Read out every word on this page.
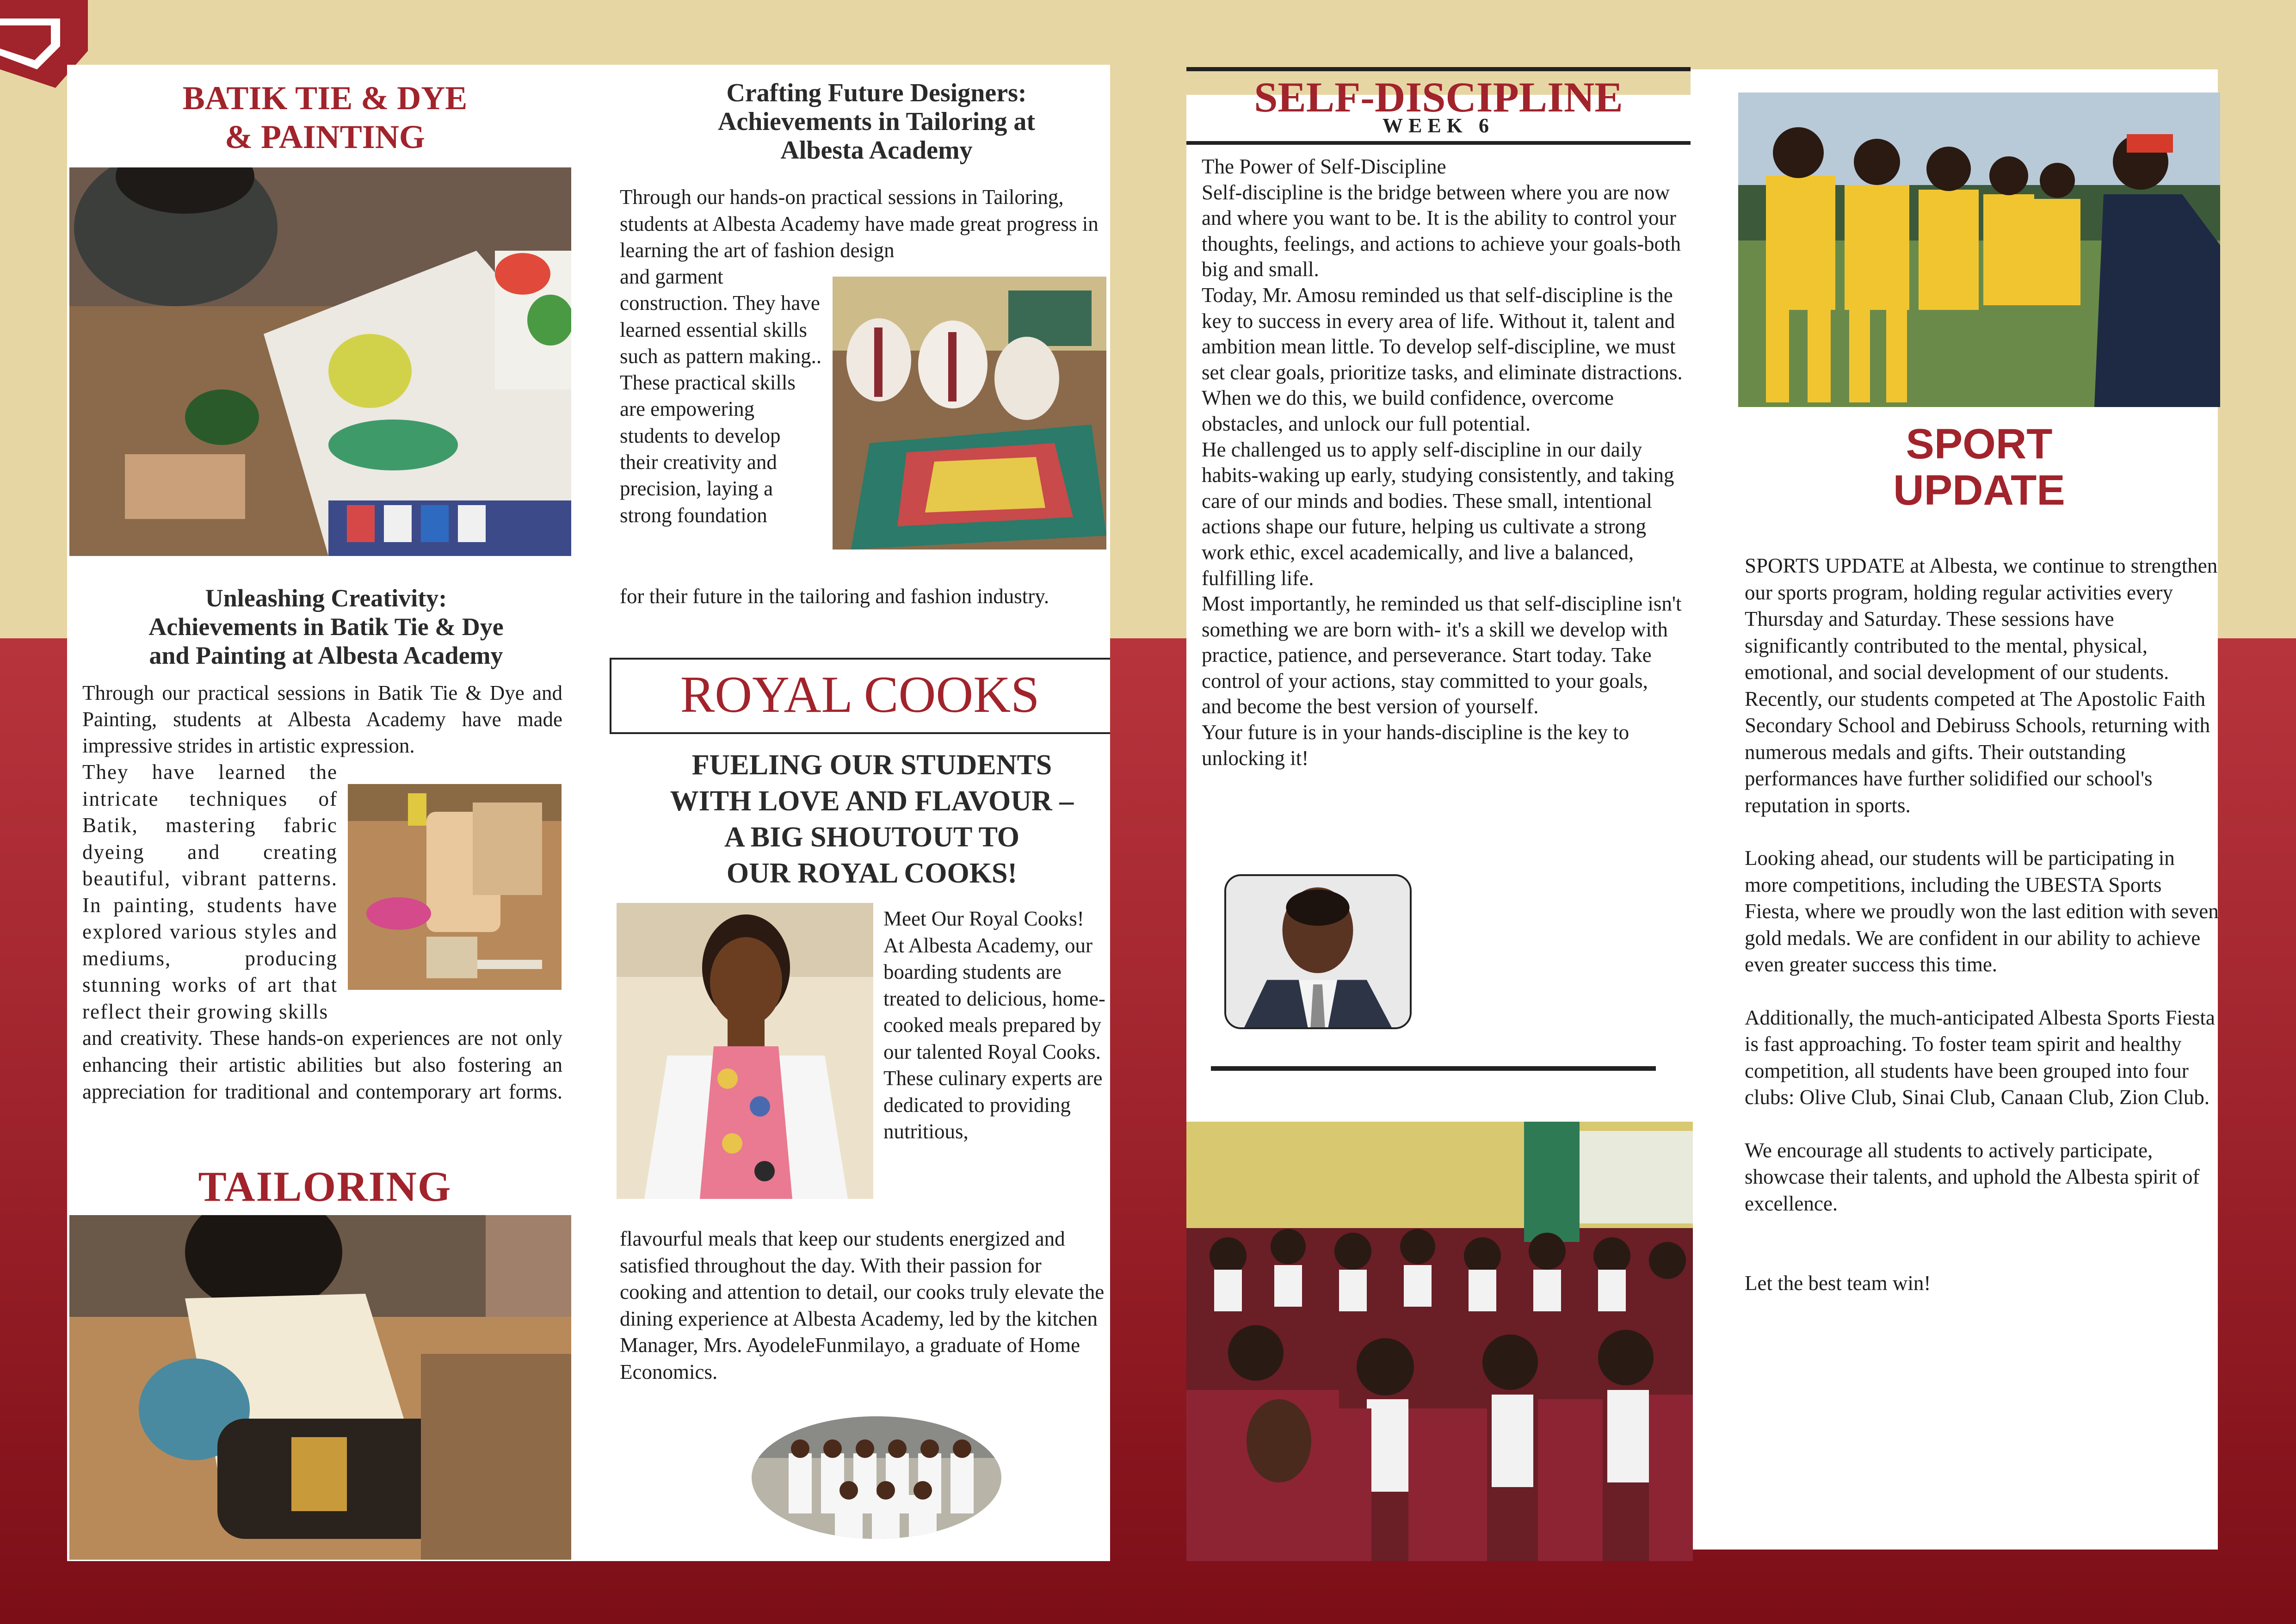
BATIK TIE & DYE
& PAINTING
Unleashing Creativity:
Achievements in Batik Tie & Dye
and Painting at Albesta Academy
Through our practical sessions in Batik Tie & Dye and Painting, students at Albesta Academy have made impressive strides in artistic expression.
They have learned the intricate techniques of Batik, mastering fabric dyeing and creating beautiful, vibrant patterns. In painting, students have explored various styles and mediums, producing stunning works of art that reflect their growing skills
and creativity. These hands-on experiences are not only enhancing their artistic abilities but also fostering an appreciation for traditional and contemporary art forms.
TAILORING
Crafting Future Designers:
Achievements in Tailoring at
Albesta Academy
Through our hands-on practical sessions in Tailoring, students at Albesta Academy have made great progress in learning the art of fashion design
and garment construction. They have learned essential skills such as pattern making.. These practical skills are empowering students to develop their creativity and precision, laying a strong foundation
for their future in the tailoring and fashion industry.
ROYAL COOKS
FUELING OUR STUDENTS
WITH LOVE AND FLAVOUR –
A BIG SHOUTOUT TO
OUR ROYAL COOKS!
Meet Our Royal Cooks! At Albesta Academy, our boarding students are treated to delicious, home-cooked meals prepared by our talented Royal Cooks. These culinary experts are dedicated to providing nutritious,
flavourful meals that keep our students energized and satisfied throughout the day. With their passion for cooking and attention to detail, our cooks truly elevate the dining experience at Albesta Academy, led by the kitchen Manager, Mrs. AyodeleFunmilayo, a graduate of Home Economics.
SELF-DISCIPLINE
WEEK 6
The Power of Self-Discipline
Self-discipline is the bridge between where you are now and where you want to be. It is the ability to control your thoughts, feelings, and actions to achieve your goals-both big and small.
Today, Mr. Amosu reminded us that self-discipline is the key to success in every area of life. Without it, talent and ambition mean little. To develop self-discipline, we must set clear goals, prioritize tasks, and eliminate distractions. When we do this, we build confidence, overcome obstacles, and unlock our full potential.
He challenged us to apply self-discipline in our daily habits-waking up early, studying consistently, and taking care of our minds and bodies. These small, intentional actions shape our future, helping us cultivate a strong work ethic, excel academically, and live a balanced, fulfilling life.
Most importantly, he reminded us that self-discipline isn't something we are born with- it's a skill we develop with practice, patience, and perseverance. Start today. Take control of your actions, stay committed to your goals, and become the best version of yourself.
Your future is in your hands-discipline is the key to unlocking it!
SPORT
UPDATE
SPORTS UPDATE at Albesta, we continue to strengthen our sports program, holding regular activities every Thursday and Saturday. These sessions have significantly contributed to the mental, physical, emotional, and social development of our students. Recently, our students competed at The Apostolic Faith Secondary School and Debiruss Schools, returning with numerous medals and gifts. Their outstanding performances have further solidified our school's reputation in sports.
Looking ahead, our students will be participating in more competitions, including the UBESTA Sports Fiesta, where we proudly won the last edition with seven gold medals. We are confident in our ability to achieve even greater success this time.
Additionally, the much-anticipated Albesta Sports Fiesta is fast approaching. To foster team spirit and healthy competition, all students have been grouped into four clubs: Olive Club, Sinai Club, Canaan Club, Zion Club.
We encourage all students to actively participate, showcase their talents, and uphold the Albesta spirit of excellence.
Let the best team win!
